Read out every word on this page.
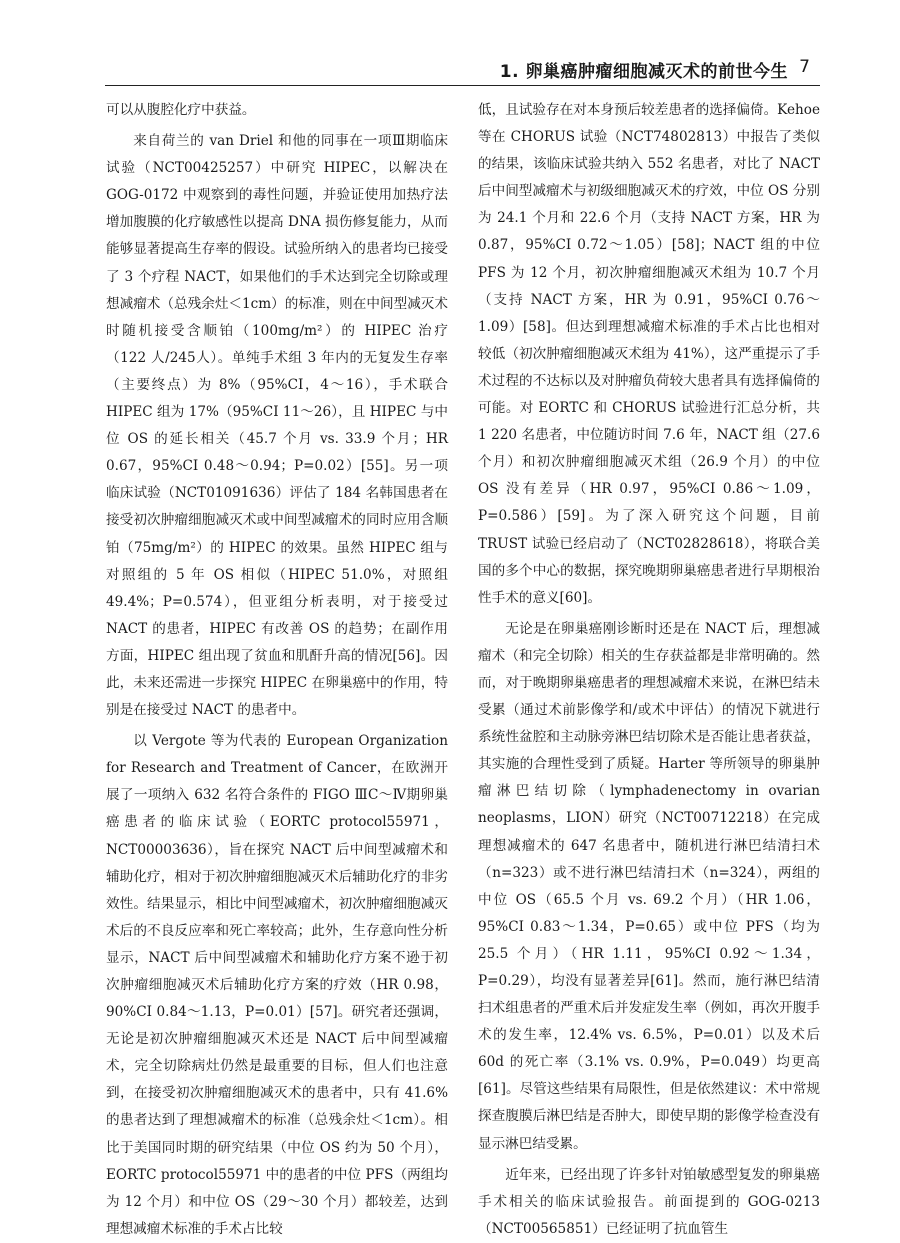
1. 卵巢癌肿瘤细胞减灭术的前世今生 7

可以从腹腔化疗中获益。

来自荷兰的 van Driel 和他的同事在一项Ⅲ期临床试验（NCT00425257）中研究 HIPEC，以解决在 GOG-0172 中观察到的毒性问题，并验证使用加热疗法增加腹膜的化疗敏感性以提高 DNA 损伤修复能力，从而能够显著提高生存率的假设。试验所纳入的患者均已接受了 3 个疗程 NACT，如果他们的手术达到完全切除或理想减瘤术（总残余灶＜1cm）的标准，则在中间型减灭术时随机接受含顺铂（100mg/m²）的 HIPEC 治疗（122 人/245人）。单纯手术组 3 年内的无复发生存率（主要终点）为 8%（95%CI，4～16），手术联合 HIPEC 组为 17%（95%CI 11～26），且 HIPEC 与中位 OS 的延长相关（45.7 个月 vs. 33.9 个月；HR 0.67，95%CI 0.48～0.94；P=0.02）[55]。另一项临床试验（NCT01091636）评估了 184 名韩国患者在接受初次肿瘤细胞减灭术或中间型减瘤术的同时应用含顺铂（75mg/m²）的 HIPEC 的效果。虽然 HIPEC 组与对照组的 5 年 OS 相似（HIPEC 51.0%，对照组 49.4%；P=0.574），但亚组分析表明，对于接受过 NACT 的患者，HIPEC 有改善 OS 的趋势；在副作用方面，HIPEC 组出现了贫血和肌酐升高的情况[56]。因此，未来还需进一步探究 HIPEC 在卵巢癌中的作用，特别是在接受过 NACT 的患者中。

以 Vergote 等为代表的 European Organization for Research and Treatment of Cancer，在欧洲开展了一项纳入 632 名符合条件的 FIGO ⅢC～Ⅳ期卵巢癌患者的临床试验（EORTC protocol55971，NCT00003636），旨在探究 NACT 后中间型减瘤术和辅助化疗，相对于初次肿瘤细胞减灭术后辅助化疗的非劣效性。结果显示，相比中间型减瘤术，初次肿瘤细胞减灭术后的不良反应率和死亡率较高；此外，生存意向性分析显示，NACT 后中间型减瘤术和辅助化疗方案不逊于初次肿瘤细胞减灭术后辅助化疗方案的疗效（HR 0.98，90%CI 0.84～1.13，P=0.01）[57]。研究者还强调，无论是初次肿瘤细胞减灭术还是 NACT 后中间型减瘤术，完全切除病灶仍然是最重要的目标，但人们也注意到，在接受初次肿瘤细胞减灭术的患者中，只有 41.6% 的患者达到了理想减瘤术的标准（总残余灶＜1cm）。相比于美国同时期的研究结果（中位 OS 约为 50 个月），EORTC protocol55971 中的患者的中位 PFS（两组均为 12 个月）和中位 OS（29～30 个月）都较差，达到理想减瘤术标准的手术占比较

低，且试验存在对本身预后较差患者的选择偏倚。Kehoe 等在 CHORUS 试验（NCT74802813）中报告了类似的结果，该临床试验共纳入 552 名患者，对比了 NACT 后中间型减瘤术与初级细胞减灭术的疗效，中位 OS 分别为 24.1 个月和 22.6 个月（支持 NACT 方案，HR 为 0.87，95%CI 0.72～1.05）[58]；NACT 组的中位 PFS 为 12 个月，初次肿瘤细胞减灭术组为 10.7 个月（支持 NACT 方案，HR 为 0.91，95%CI 0.76～1.09）[58]。但达到理想减瘤术标准的手术占比也相对较低（初次肿瘤细胞减灭术组为 41%），这严重提示了手术过程的不达标以及对肿瘤负荷较大患者具有选择偏倚的可能。对 EORTC 和 CHORUS 试验进行汇总分析，共 1 220 名患者，中位随访时间 7.6 年，NACT 组（27.6 个月）和初次肿瘤细胞减灭术组（26.9 个月）的中位 OS 没有差异（HR 0.97，95%CI 0.86～1.09，P=0.586）[59]。为了深入研究这个问题，目前 TRUST 试验已经启动了（NCT02828618），将联合美国的多个中心的数据，探究晚期卵巢癌患者进行早期根治性手术的意义[60]。

无论是在卵巢癌刚诊断时还是在 NACT 后，理想减瘤术（和完全切除）相关的生存获益都是非常明确的。然而，对于晚期卵巢癌患者的理想减瘤术来说，在淋巴结未受累（通过术前影像学和/或术中评估）的情况下就进行系统性盆腔和主动脉旁淋巴结切除术是否能让患者获益，其实施的合理性受到了质疑。Harter 等所领导的卵巢肿瘤淋巴结切除（lymphadenectomy in ovarian neoplasms，LION）研究（NCT00712218）在完成理想减瘤术的 647 名患者中，随机进行淋巴结清扫术（n=323）或不进行淋巴结清扫术（n=324），两组的中位 OS（65.5 个月 vs. 69.2 个月）（HR 1.06，95%CI 0.83～1.34，P=0.65）或中位 PFS（均为 25.5 个月）（HR 1.11，95%CI 0.92～1.34，P=0.29），均没有显著差异[61]。然而，施行淋巴结清扫术组患者的严重术后并发症发生率（例如，再次开腹手术的发生率，12.4% vs. 6.5%，P=0.01）以及术后 60d 的死亡率（3.1% vs. 0.9%，P=0.049）均更高[61]。尽管这些结果有局限性，但是依然建议：术中常规探查腹膜后淋巴结是否肿大，即使早期的影像学检查没有显示淋巴结受累。

近年来，已经出现了许多针对铂敏感型复发的卵巢癌手术相关的临床试验报告。前面提到的 GOG-0213（NCT00565851）已经证明了抗血管生
